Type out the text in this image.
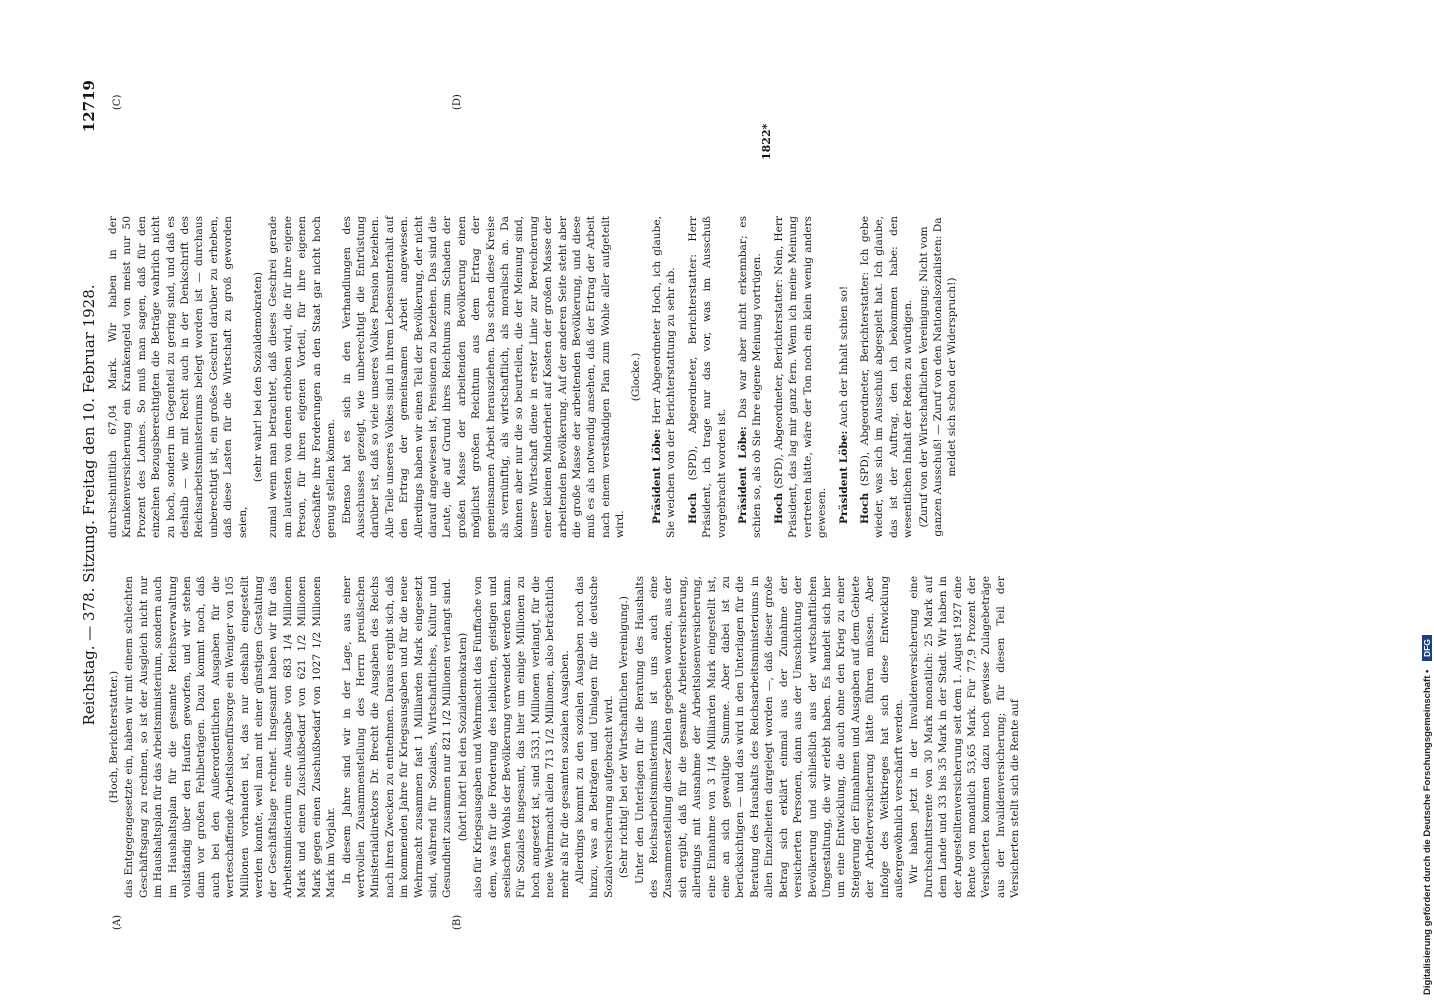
Reichstag. — 378. Sitzung. Freitag den 10. Februar 1928.
12719
(A)	(B)
(C)	(D)

(Hoch, Berichterstatter.) das Entgegengesetzte ein, haben wir mit einem schlechten Geschäftsgang zu rechnen, so ist der Ausgleich nicht nur im Haushaltsplan für das Arbeitsministerium, sondern auch im Haushaltsplan für die gesamte Reichsverwaltung vollständig über den Haufen geworfen, und wir stehen dann vor großen Fehlbeträgen. Dazu kommt noch, daß auch bei den Außerordentlichen Ausgaben für die werteschaffende Arbeitslosenfürsorge ein Weniger von 105 Millionen vorhanden ist, das nur deshalb eingestellt werden konnte, weil man mit einer günstigen Gestaltung der Geschäftslage rechnet. Insgesamt haben wir für das Arbeitsministerium eine Ausgabe von 683 1/4 Millionen Mark und einen Zuschußbedarf von 621 1/2 Millionen Mark gegen einen Zuschußbedarf von 1027 1/2 Millionen Mark im Vorjahr. In diesem Jahre sind wir in der Lage, aus einer wertvollen Zusammenstellung des Herrn preußischen Ministerialdirektors Dr. Brecht die Ausgaben des Reichs nach ihren Zwecken zu entnehmen. Daraus ergibt sich, daß im kommenden Jahre für Kriegsausgaben und für die neue Wehrmacht zusammen fast 1 Milliarden Mark eingesetzt sind, während für Soziales, Wirtschaftliches, Kultur und Gesundheit zusammen nur 821 1/2 Millionen verlangt sind. (hört! hört! bei den Sozialdemokraten) also für Kriegsausgaben und Wehrmacht das Fünffache von dem, was für die Förderung des leiblichen, geistigen und seelischen Wohls der Bevölkerung verwendet werden kann. Für Soziales insgesamt, das hier um einige Millionen zu hoch angesetzt ist, sind 533,1 Millionen verlangt, für die neue Wehrmacht allein 713 1/2 Millionen, also beträchtlich mehr als für die gesamten sozialen Ausgaben. Allerdings kommt zu den sozialen Ausgaben noch das hinzu, was an Beiträgen und Umlagen für die deutsche Sozialversicherung aufgebracht wird. (Sehr richtig! bei der Wirtschaftlichen Vereinigung.) Unter den Unterlagen für die Beratung des Haushalts des Reichsarbeitsministeriums ist uns auch eine Zusammenstellung dieser Zahlen gegeben worden, aus der sich ergibt, daß für die gesamte Arbeiterversicherung, allerdings mit Ausnahme der Arbeitslosenversicherung, eine Einnahme von 3 1/4 Milliarden Mark eingestellt ist, eine an sich gewaltige Summe. Aber dabei ist zu berücksichtigen — und das wird in den Unterlagen für die Beratung des Haushalts des Reichsarbeitsministeriums in allen Einzelheiten dargelegt worden —, daß dieser große Betrag sich erklärt einmal aus der Zunahme der versicherten Personen, dann aus der Umschichtung der Bevölkerung und schließlich aus der wirtschaftlichen Umgestaltung, die wir erlebt haben. Es handelt sich hier um eine Entwicklung, die auch ohne den Krieg zu einer Steigerung der Einnahmen und Ausgaben auf dem Gebiete der Arbeiterversicherung hätte führen müssen. Aber infolge des Weltkrieges hat sich diese Entwicklung außergewöhnlich verschärft werden. Wir haben jetzt in der Invalidenversicherung eine Durchschnittsrente von 30 Mark monatlich: 25 Mark auf dem Lande und 33 bis 35 Mark in der Stadt. Wir haben in der Angestelltenversicherung seit dem 1. August 1927 eine Rente von monatlich 53,65 Mark. Für 77,9 Prozent der Versicherten kommen dazu noch gewisse Zulagebeträge aus der Invalidenversicherung; für diesen Teil der Versicherten stellt sich die Rente auf

durchschnittlich 67,04 Mark. Wir haben in der Krankenversicherung ein Krankengeld von meist nur 50 Prozent des Lohnes. So muß man sagen, daß für den einzelnen Bezugsberechtigten die Beträge wahrlich nicht zu hoch, sondern im Gegenteil zu gering sind, und daß es deshalb — wie mit Recht auch in der Denkschrift des Reichsarbeitsministeriums belegt worden ist — durchaus unberechtigt ist, ein großes Geschrei darüber zu erheben, daß diese Lasten für die Wirtschaft zu groß geworden seien,

(sehr wahr! bei den Sozialdemokraten) zumal wenn man betrachtet, daß dieses Geschrei gerade am lautesten von denen erhoben wird, die für ihre eigene Person, für ihren eigenen Vorteil, für ihre eigenen Geschäfte ihre Forderungen an den Staat gar nicht hoch genug stellen können. Ebenso hat es sich in den Verhandlungen des Ausschusses gezeigt, wie unberechtigt die Entrüstung darüber ist, daß so viele unseres Volkes Pension beziehen. Alle Teile unseres Volkes sind in ihrem Lebensunterhalt auf den Ertrag der gemeinsamen Arbeit angewiesen. Allerdings haben wir einen Teil der Bevölkerung, der nicht darauf angewiesen ist, Pensionen zu beziehen. Das sind die Leute, die auf Grund ihres Reichtums zum Schaden der großen Masse der arbeitenden Bevölkerung einen möglichst großen Reichtum aus dem Ertrag der gemeinsamen Arbeit herausziehen. Das schen diese Kreise als vernünftig, als wirtschaftlich, als moralisch an. Da können aber nur die so beurteilen, die der Meinung sind, unsere Wirtschaft diene in erster Linie zur Bereicherung einer kleinen Minderheit auf Kosten der großen Masse der arbeitenden Bevölkerung. Auf der anderen Seite steht aber die große Masse der arbeitenden Bevölkerung, und diese muß es als notwendig ansehen, daß der Ertrag der Arbeit nach einem verständigen Plan zum Wohle aller aufgeteilt wird.

(Glocke.)

Präsident Löbe: Herr Abgeordneter Hoch, ich glaube, Sie weichen von der Berichterstattung zu sehr ab. Hoch (SPD), Abgeordneter, Berichterstatter: Herr Präsident, ich trage nur das vor, was im Ausschuß vorgebracht worden ist. Präsident Löbe: Das war aber nicht erkennbar; es schien so, als ob Sie Ihre eigene Meinung vortrügen. Hoch (SPD), Abgeordneter, Berichterstatter: Nein, Herr Präsident, das lag mir ganz fern. Wenn ich meine Meinung vertreten hätte, wäre der Ton noch ein klein wenig anders gewesen. Präsident Löbe: Auch der Inhalt schien so!

Hoch (SPD), Abgeordneter, Berichterstatter: Ich gebe wieder, was sich im Ausschuß abgespielt hat. Ich glaube, das ist der Auftrag, den ich bekommen habe: den wesentlichen Inhalt der Reden zu würdigen. (Zuruf von der Wirtschaftlichen Vereinigung: Nicht vom ganzen Ausschuß! — Zuruf von den Nationalsozialisten: Da meldet sich schon der Widerspruch!)

1822*
Digitalisierung gefördert durch die Deutsche Forschungsgemeinschaft • DFG
